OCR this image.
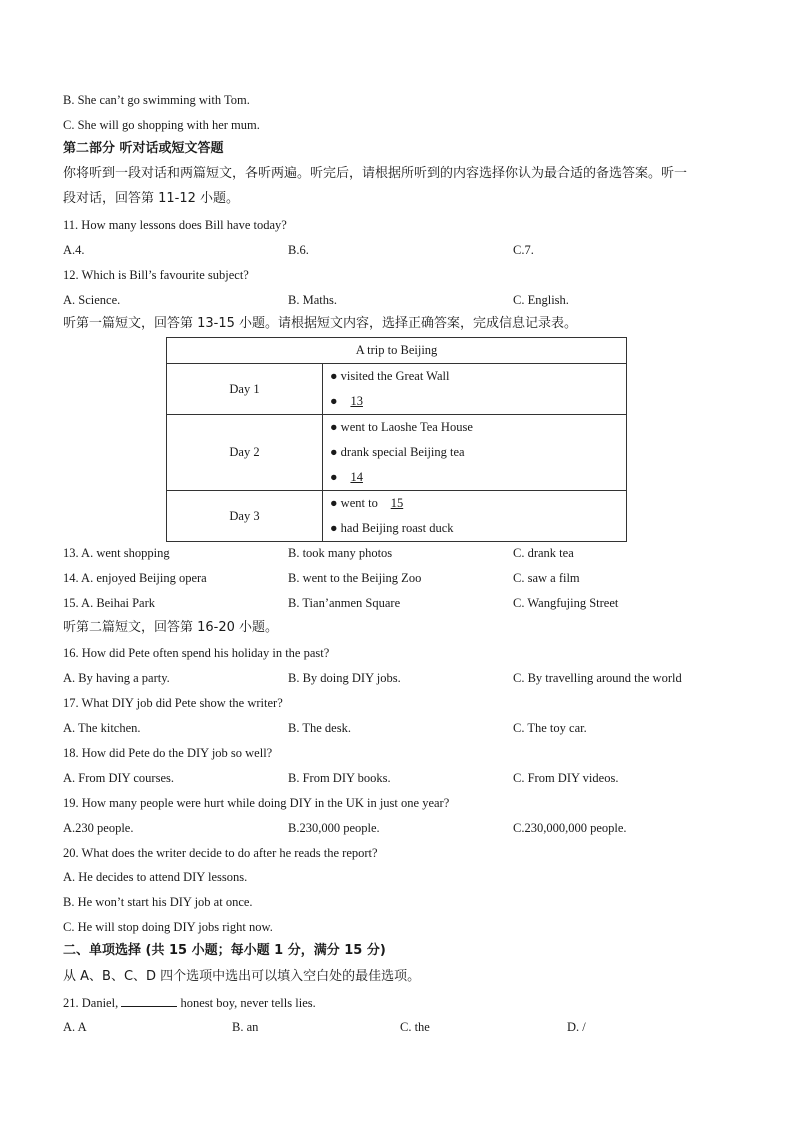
B. She can’t go swimming with Tom.
C. She will go shopping with her mum.
第二部分 听对话或短文答题
你将听到一段对话和两篇短文，各听两遍。听完后，请根据所听到的内容选择你认为最合适的备选答案。听一
段对话，回答第 11-12 小题。
11. How many lessons does Bill have today?
A.4.	B.6.	C.7.
12. Which is Bill’s favourite subject?
A. Science.	B. Maths.	C. English.
听第一篇短文，回答第 13-15 小题。请根据短文内容，选择正确答案，完成信息记录表。
A trip to Beijing	
Day 1	● visited the Great Wall
● 13

Day 2	● went to Laoshe Tea House
● drank special Beijing tea
● 14

Day 3	● went to 15
● had Beijing roast duck
13. A. went shopping	B. took many photos	C. drank tea
14. A. enjoyed Beijing opera	B. went to the Beijing Zoo	C. saw a film
15. A. Beihai Park	B. Tian’anmen Square	C. Wangfujing Street
听第二篇短文，回答第 16-20 小题。
16. How did Pete often spend his holiday in the past?
A. By having a party.	B. By doing DIY jobs.	C. By travelling around the world
17. What DIY job did Pete show the writer?
A. The kitchen.	B. The desk.	C. The toy car.
18. How did Pete do the DIY job so well?
A. From DIY courses.	B. From DIY books.	C. From DIY videos.
19. How many people were hurt while doing DIY in the UK in just one year?
A.230 people.	B.230,000 people.	C.230,000,000 people.
20. What does the writer decide to do after he reads the report?
A. He decides to attend DIY lessons.
B. He won’t start his DIY job at once.
C. He will stop doing DIY jobs right now.
二、单项选择 (共 15 小题；每小题 1 分，满分 15 分)
从 A、B、C、D 四个选项中选出可以填入空白处的最佳选项。
21. Daniel,	honest boy, never tells lies.
A. A	B. an	C. the	D. /
